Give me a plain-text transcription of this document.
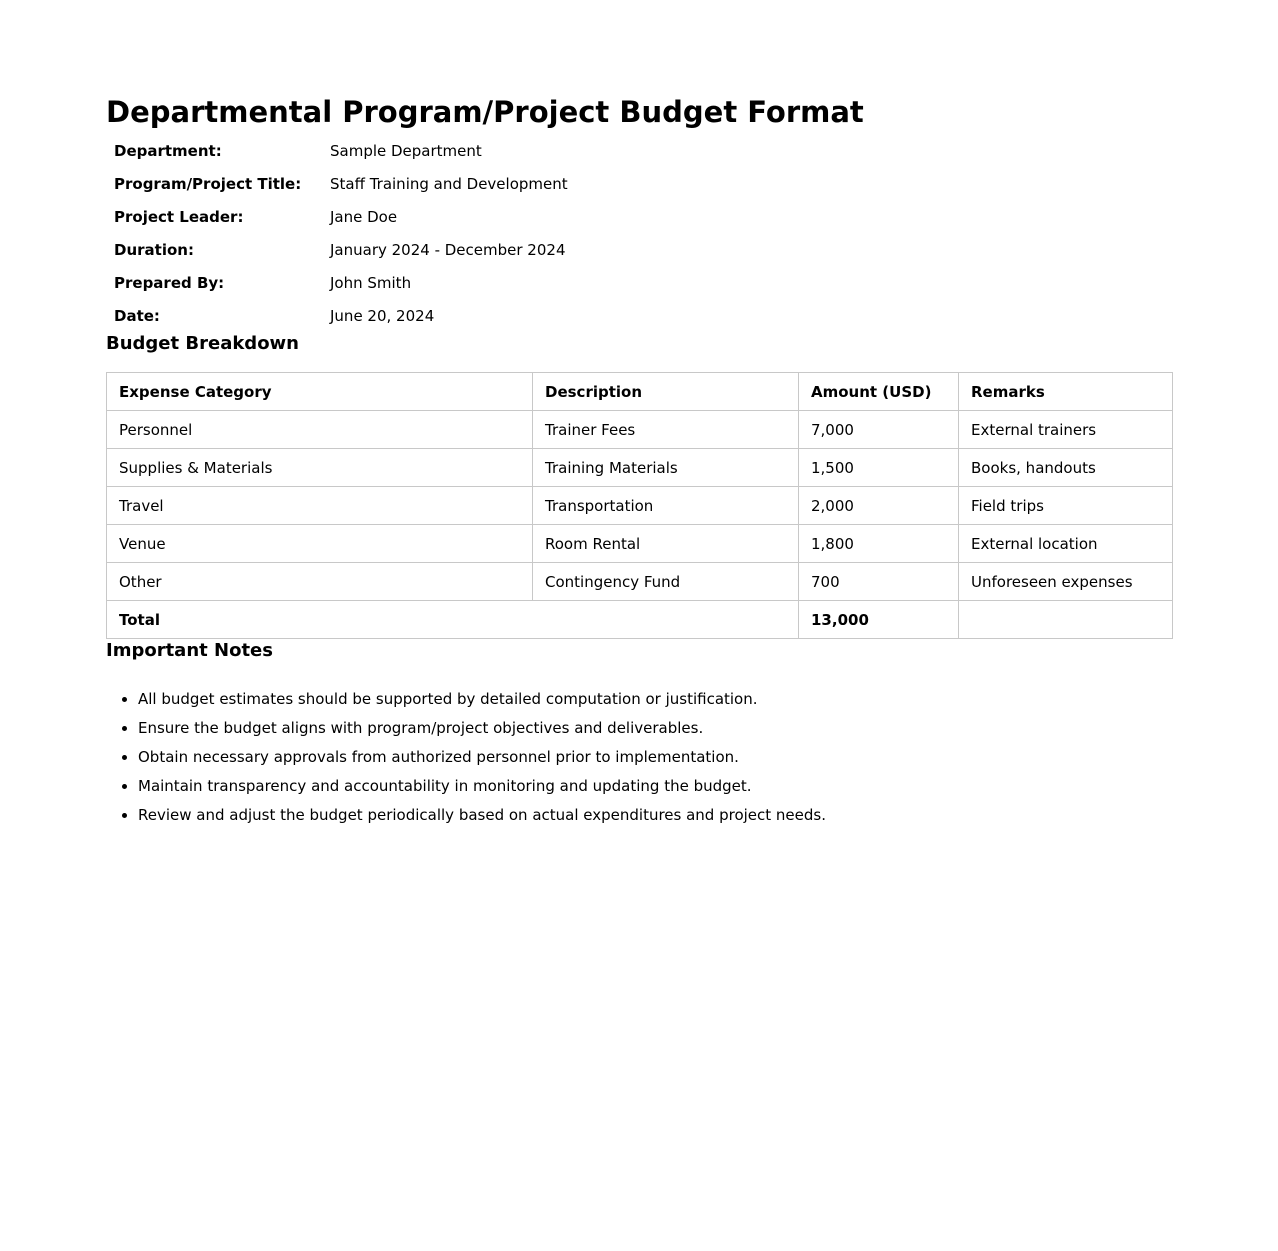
Departmental Program/Project Budget Format
Department:	Sample Department
Program/Project Title:	Staff Training and Development
Project Leader:	Jane Doe
Duration:	January 2024 - December 2024
Prepared By:	John Smith
Date:	June 20, 2024
Budget Breakdown
Expense Category	Description	Amount (USD)	Remarks
Personnel	Trainer Fees	7,000	External trainers
Supplies & Materials	Training Materials	1,500	Books, handouts
Travel	Transportation	2,000	Field trips
Venue	Room Rental	1,800	External location
Other	Contingency Fund	700	Unforeseen expenses
Total		13,000	
Important Notes
• All budget estimates should be supported by detailed computation or justification.
• Ensure the budget aligns with program/project objectives and deliverables.
• Obtain necessary approvals from authorized personnel prior to implementation.
• Maintain transparency and accountability in monitoring and updating the budget.
• Review and adjust the budget periodically based on actual expenditures and project needs.
